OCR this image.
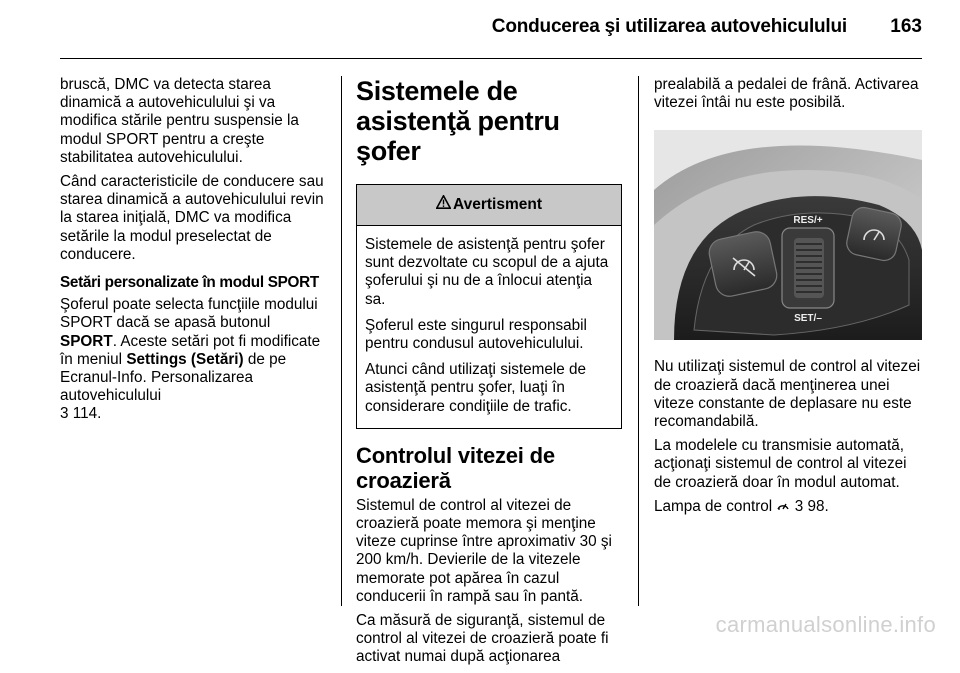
Conducerea şi utilizarea autovehiculului 163

bruscă, DMC va detecta starea dinamică a autovehiculului şi va modifica stările pentru suspensie la modul SPORT pentru a creşte stabilitatea autovehiculului.

Când caracteristicile de conducere sau starea dinamică a autovehiculului revin la starea iniţială, DMC va modifica setările la modul preselectat de conducere.

Setări personalizate în modul SPORT

Şoferul poate selecta funcţiile modului SPORT dacă se apasă butonul SPORT. Aceste setări pot fi modificate în meniul Settings (Setări) de pe Ecranul-Info. Personalizarea autovehiculului
3 114.

Sistemele de asistenţă pentru şofer
Avertisment

Sistemele de asistenţă pentru şofer sunt dezvoltate cu scopul de a ajuta şoferului şi nu de a înlocui atenţia sa.

Şoferul este singurul responsabil pentru condusul autovehiculului.

Atunci când utilizaţi sistemele de asistenţă pentru şofer, luaţi în considerare condiţiile de trafic.

Controlul vitezei de croazieră

Sistemul de control al vitezei de croazieră poate memora şi menţine viteze cuprinse între aproximativ 30 şi 200 km/h. Devierile de la vitezele memorate pot apărea în cazul conducerii în rampă sau în pantă.

Ca măsură de siguranţă, sistemul de control al vitezei de croazieră poate fi activat numai după acţionarea

prealabilă a pedalei de frână. Activarea vitezei întâi nu este posibilă.

RES/+
SET/–

Nu utilizaţi sistemul de control al vitezei de croazieră dacă menţinerea unei viteze constante de deplasare nu este recomandabilă.

La modelele cu transmisie automată, acţionaţi sistemul de control al vitezei de croazieră doar în modul automat.

Lampa de control  3 98.

carmanualsonline.info
